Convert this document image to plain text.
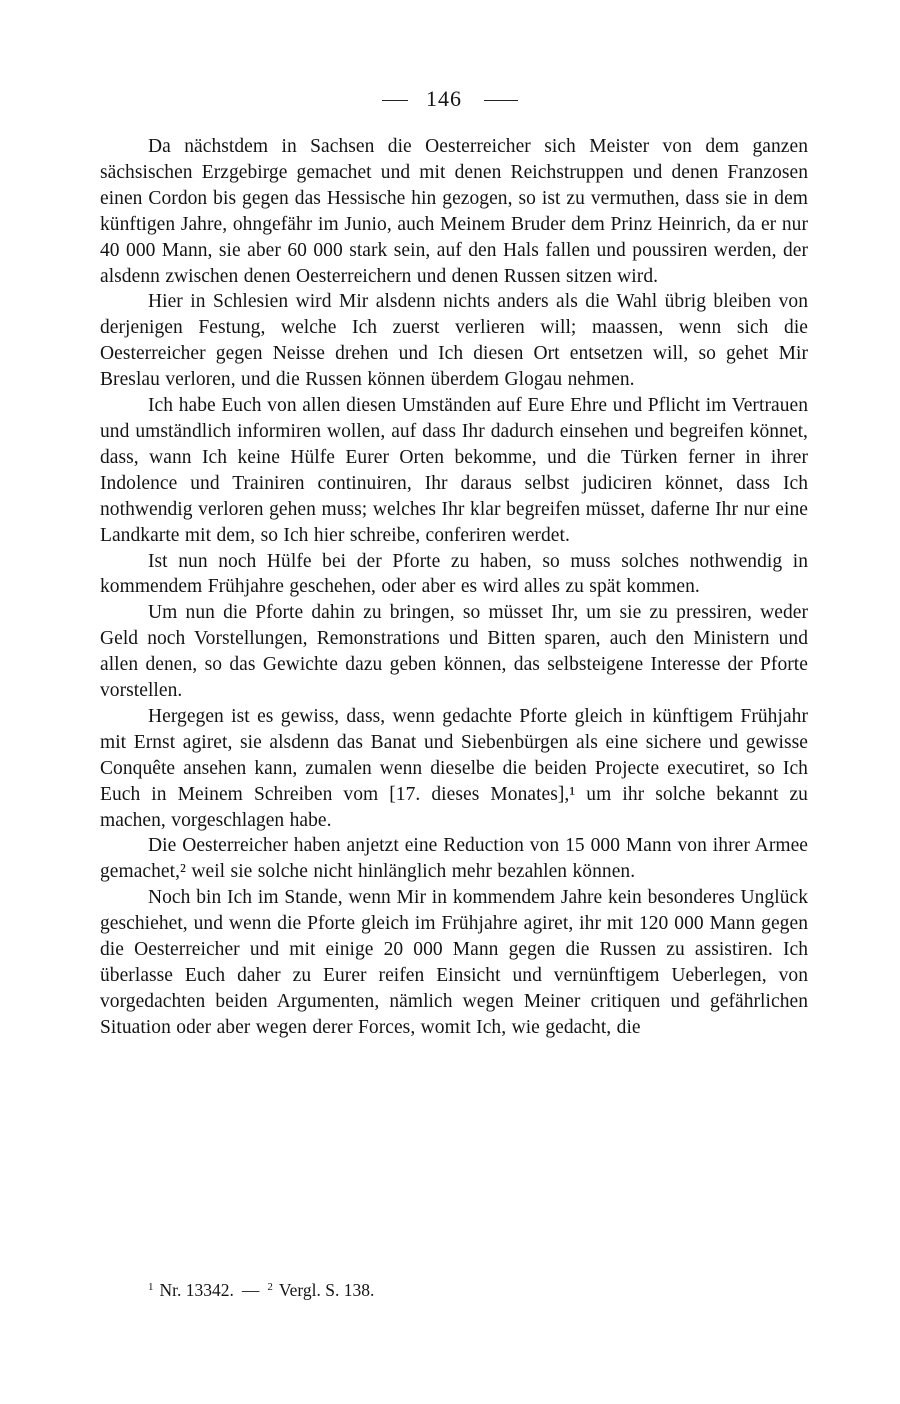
146

Da nächstdem in Sachsen die Oesterreicher sich Meister von dem ganzen sächsischen Erzgebirge gemachet und mit denen Reichstruppen und denen Franzosen einen Cordon bis gegen das Hessische hin gezogen, so ist zu vermuthen, dass sie in dem künftigen Jahre, ohngefähr im Junio, auch Meinem Bruder dem Prinz Heinrich, da er nur 40 000 Mann, sie aber 60 000 stark sein, auf den Hals fallen und poussiren werden, der alsdenn zwischen denen Oesterreichern und denen Russen sitzen wird.

Hier in Schlesien wird Mir alsdenn nichts anders als die Wahl übrig bleiben von derjenigen Festung, welche Ich zuerst verlieren will; maassen, wenn sich die Oesterreicher gegen Neisse drehen und Ich diesen Ort entsetzen will, so gehet Mir Breslau verloren, und die Russen können überdem Glogau nehmen.

Ich habe Euch von allen diesen Umständen auf Eure Ehre und Pflicht im Vertrauen und umständlich informiren wollen, auf dass Ihr dadurch einsehen und begreifen könnet, dass, wann Ich keine Hülfe Eurer Orten bekomme, und die Türken ferner in ihrer Indolence und Trainiren continuiren, Ihr daraus selbst judiciren könnet, dass Ich nothwendig verloren gehen muss; welches Ihr klar begreifen müsset, daferne Ihr nur eine Landkarte mit dem, so Ich hier schreibe, conferiren werdet.

Ist nun noch Hülfe bei der Pforte zu haben, so muss solches nothwendig in kommendem Frühjahre geschehen, oder aber es wird alles zu spät kommen.

Um nun die Pforte dahin zu bringen, so müsset Ihr, um sie zu pressiren, weder Geld noch Vorstellungen, Remonstrations und Bitten sparen, auch den Ministern und allen denen, so das Gewichte dazu geben können, das selbsteigene Interesse der Pforte vorstellen.

Hergegen ist es gewiss, dass, wenn gedachte Pforte gleich in künftigem Frühjahr mit Ernst agiret, sie alsdenn das Banat und Siebenbürgen als eine sichere und gewisse Conquête ansehen kann, zumalen wenn dieselbe die beiden Projecte executiret, so Ich Euch in Meinem Schreiben vom [17. dieses Monates],¹ um ihr solche bekannt zu machen, vorgeschlagen habe.

Die Oesterreicher haben anjetzt eine Reduction von 15 000 Mann von ihrer Armee gemachet,² weil sie solche nicht hinlänglich mehr bezahlen können.

Noch bin Ich im Stande, wenn Mir in kommendem Jahre kein besonderes Unglück geschiehet, und wenn die Pforte gleich im Frühjahre agiret, ihr mit 120 000 Mann gegen die Oesterreicher und mit einige 20 000 Mann gegen die Russen zu assistiren. Ich überlasse Euch daher zu Eurer reifen Einsicht und vernünftigem Ueberlegen, von vorgedachten beiden Argumenten, nämlich wegen Meiner critiquen und gefährlichen Situation oder aber wegen derer Forces, womit Ich, wie gedacht, die

$^1$ Nr. 13342. — $^2$ Vergl. S. 138.
